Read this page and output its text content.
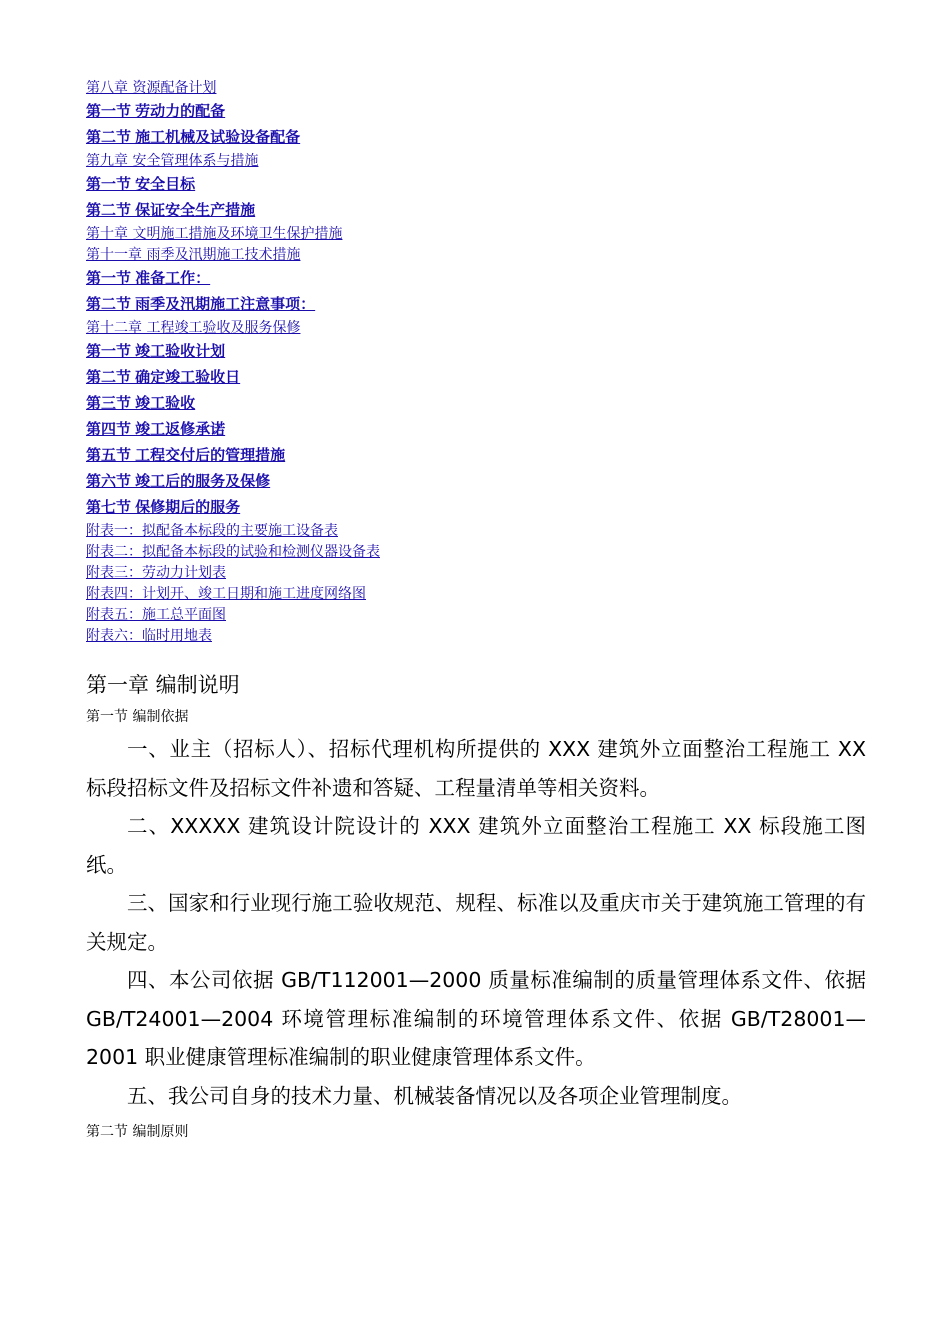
第八章 资源配备计划
第一节 劳动力的配备
第二节 施工机械及试验设备配备
第九章 安全管理体系与措施
第一节 安全目标
第二节 保证安全生产措施
第十章 文明施工措施及环境卫生保护措施
第十一章 雨季及汛期施工技术措施
第一节 准备工作：
第二节 雨季及汛期施工注意事项：
第十二章 工程竣工验收及服务保修
第一节 竣工验收计划
第二节 确定竣工验收日
第三节 竣工验收
第四节 竣工返修承诺
第五节 工程交付后的管理措施
第六节 竣工后的服务及保修
第七节 保修期后的服务
附表一：拟配备本标段的主要施工设备表
附表二：拟配备本标段的试验和检测仪器设备表
附表三：劳动力计划表
附表四：计划开、竣工日期和施工进度网络图
附表五：施工总平面图
附表六：临时用地表
第一章 编制说明
第一节 编制依据

一、业主（招标人）、招标代理机构所提供的 XXX 建筑外立面整治工程施工 XX 标段招标文件及招标文件补遗和答疑、工程量清单等相关资料。

二、XXXXX 建筑设计院设计的 XXX 建筑外立面整治工程施工 XX 标段施工图纸。

三、国家和行业现行施工验收规范、规程、标准以及重庆市关于建筑施工管理的有关规定。

四、本公司依据 GB/T112001—2000 质量标准编制的质量管理体系文件、依据 GB/T24001—2004 环境管理标准编制的环境管理体系文件、依据 GB/T28001—2001 职业健康管理标准编制的职业健康管理体系文件。

五、我公司自身的技术力量、机械装备情况以及各项企业管理制度。

第二节 编制原则
